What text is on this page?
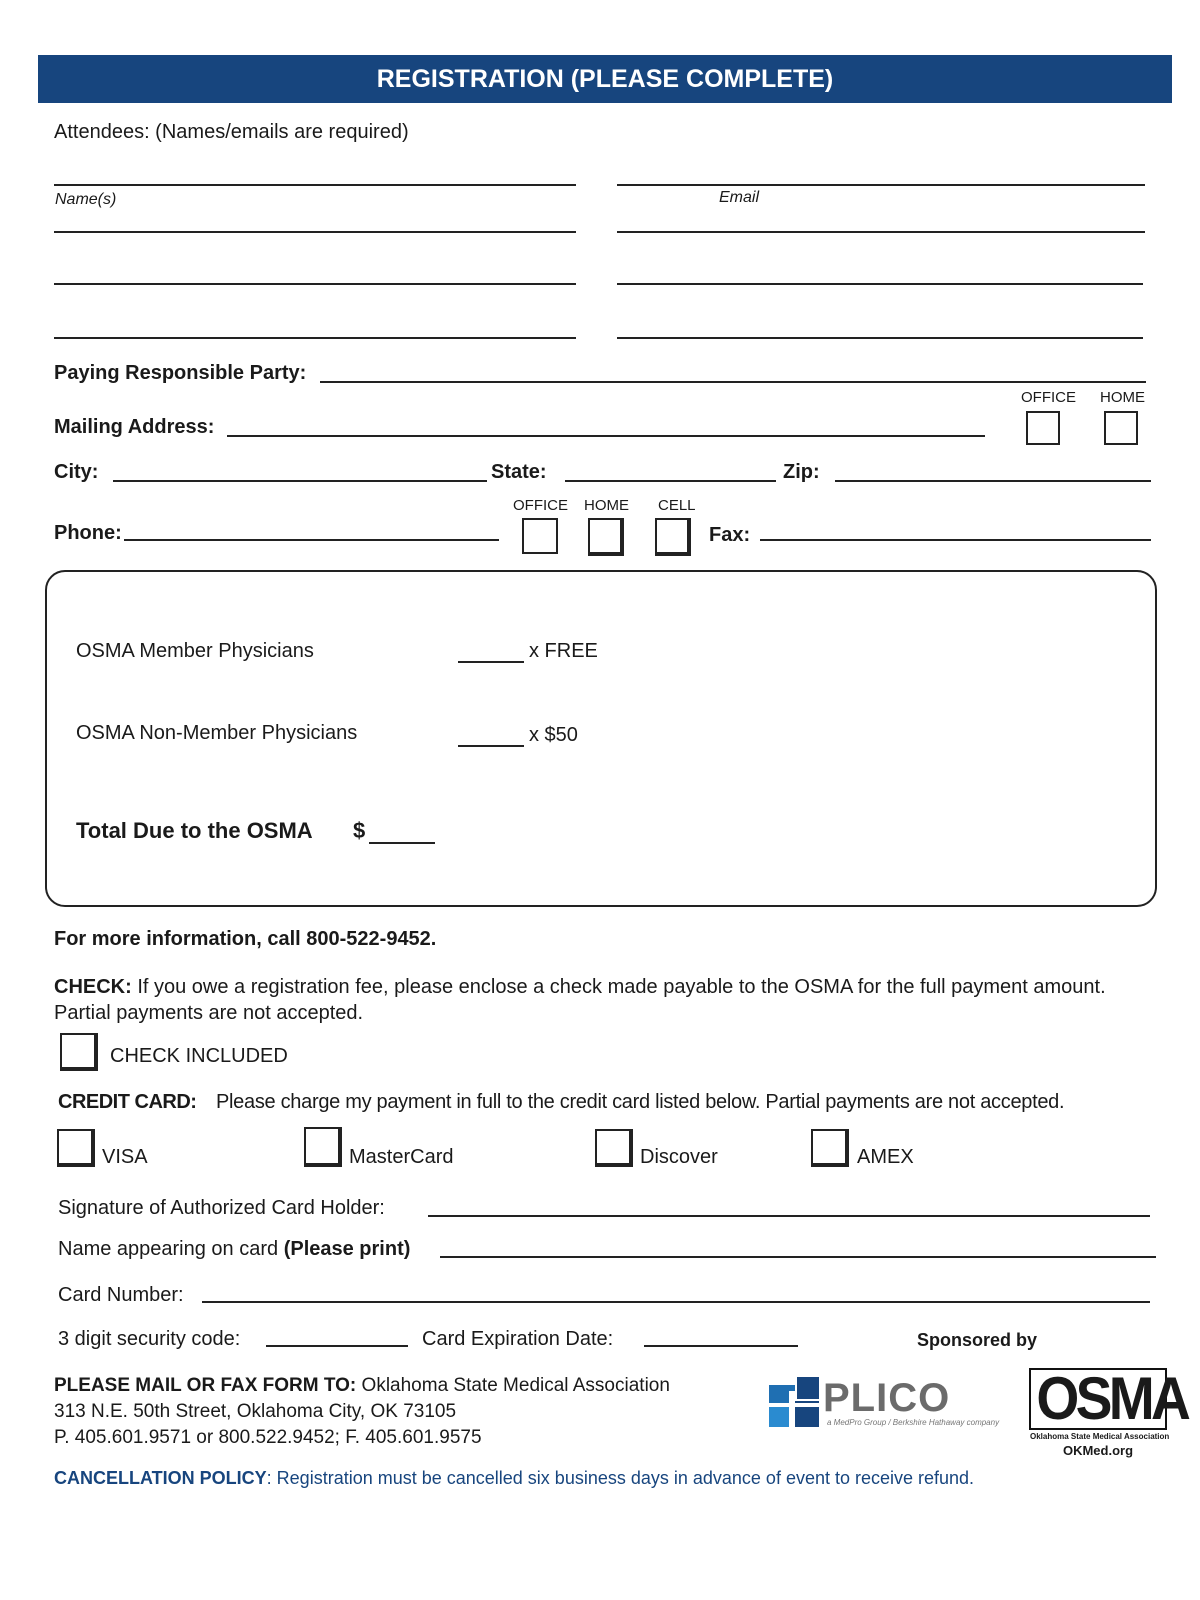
REGISTRATION (PLEASE COMPLETE)
Attendees: (Names/emails are required)
Name(s)	Email
Paying Responsible Party:
OFFICE HOME
Mailing Address:
City:	State:	Zip:
OFFICE HOME CELL
Phone:	Fax:
OSMA Member Physicians	x FREE
OSMA Non-Member Physicians	x $50
Total Due to the OSMA $
For more information, call 800-522-9452.
CHECK: If you owe a registration fee, please enclose a check made payable to the OSMA for the full payment amount.
Partial payments are not accepted.
CHECK INCLUDED
CREDIT CARD: Please charge my payment in full to the credit card listed below. Partial payments are not accepted.
VISA	MasterCard	Discover	AMEX
Signature of Authorized Card Holder:
Name appearing on card (Please print)
Card Number:
3 digit security code:	Card Expiration Date:	Sponsored by
PLEASE MAIL OR FAX FORM TO: Oklahoma State Medical Association
313 N.E. 50th Street, Oklahoma City, OK 73105
P. 405.601.9571 or 800.522.9452; F. 405.601.9575
CANCELLATION POLICY: Registration must be cancelled six business days in advance of event to receive refund.
PLICO
a MedPro Group / Berkshire Hathaway company OSMA
Oklahoma State Medical Association
OKMed.org
